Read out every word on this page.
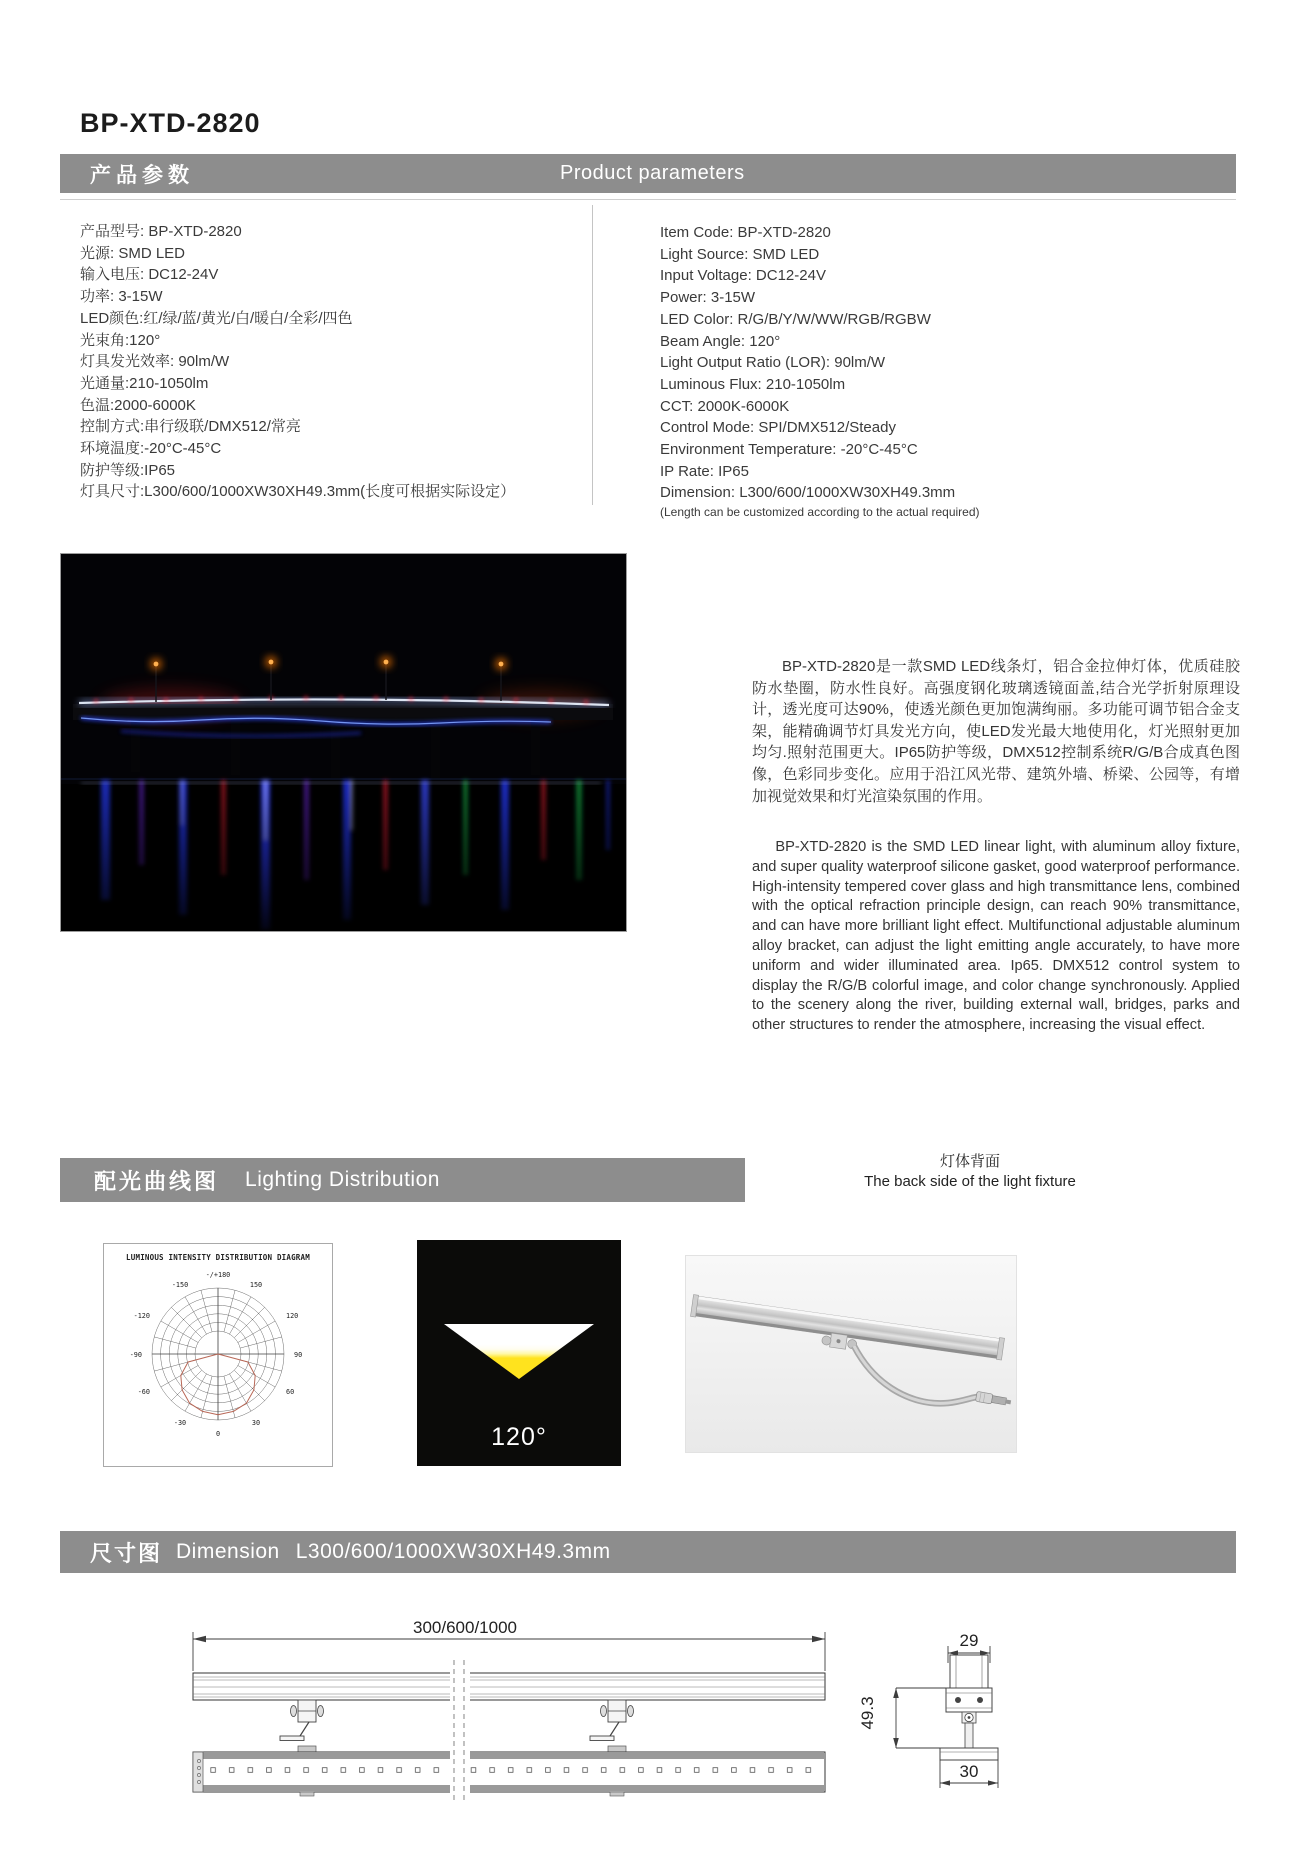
BP-XTD-2820
产品参数	Product parameters
产品型号: BP-XTD-2820
光源: SMD LED
输入电压: DC12-24V
功率: 3-15W
LED颜色:红/绿/蓝/黄光/白/暖白/全彩/四色
光束角:120°
灯具发光效率: 90lm/W
光通量:210-1050lm
色温:2000-6000K
控制方式:串行级联/DMX512/常亮
环境温度:-20°C-45°C
防护等级:IP65
灯具尺寸:L300/600/1000XW30XH49.3mm(长度可根据实际设定）
Item Code: BP-XTD-2820
Light Source: SMD LED
Input Voltage: DC12-24V
Power: 3-15W
LED Color: R/G/B/Y/W/WW/RGB/RGBW
Beam Angle: 120°
Light Output Ratio (LOR): 90lm/W
Luminous Flux: 210-1050lm
CCT: 2000K-6000K
Control Mode: SPI/DMX512/Steady
Environment Temperature: -20°C-45°C
IP Rate: IP65
Dimension: L300/600/1000XW30XH49.3mm
(Length can be customized according to the actual required)
BP-XTD-2820是一款SMD LED线条灯，铝合金拉伸灯体，优质硅胶防水垫圈，防水性良好。高强度钢化玻璃透镜面盖,结合光学折射原理设计，透光度可达90%，使透光颜色更加饱满绚丽。多功能可调节铝合金支架，能精确调节灯具发光方向，使LED发光最大地使用化，灯光照射更加均匀.照射范围更大。IP65防护等级，DMX512控制系统R/G/B合成真色图像，色彩同步变化。应用于沿江风光带、建筑外墙、桥梁、公园等，有增加视觉效果和灯光渲染氛围的作用。
BP-XTD-2820 is the SMD LED linear light, with aluminum alloy fixture, and super quality waterproof silicone gasket, good waterproof performance. High-intensity tempered cover glass and high transmittance lens, combined with the optical refraction principle design, can reach 90% transmittance, and can have more brilliant light effect. Multifunctional adjustable aluminum alloy bracket, can adjust the light emitting angle accurately, to have more uniform and wider illuminated area. Ip65. DMX512 control system to display the R/G/B colorful image, and color change synchronously. Applied to the scenery along the river, building external wall, bridges, parks and other structures to render the atmosphere, increasing the visual effect.
配光曲线图	Lighting Distribution
灯体背面
The back side of the light fixture
LUMINOUS INTENSITY DISTRIBUTION DIAGRAM
-/+180
150
-150
120
-120
90
-90
60
-60
30
-30
0	120°
尺寸图 Dimension L300/600/1000XW30XH49.3mm
300/600/1000
29
49.3
30
